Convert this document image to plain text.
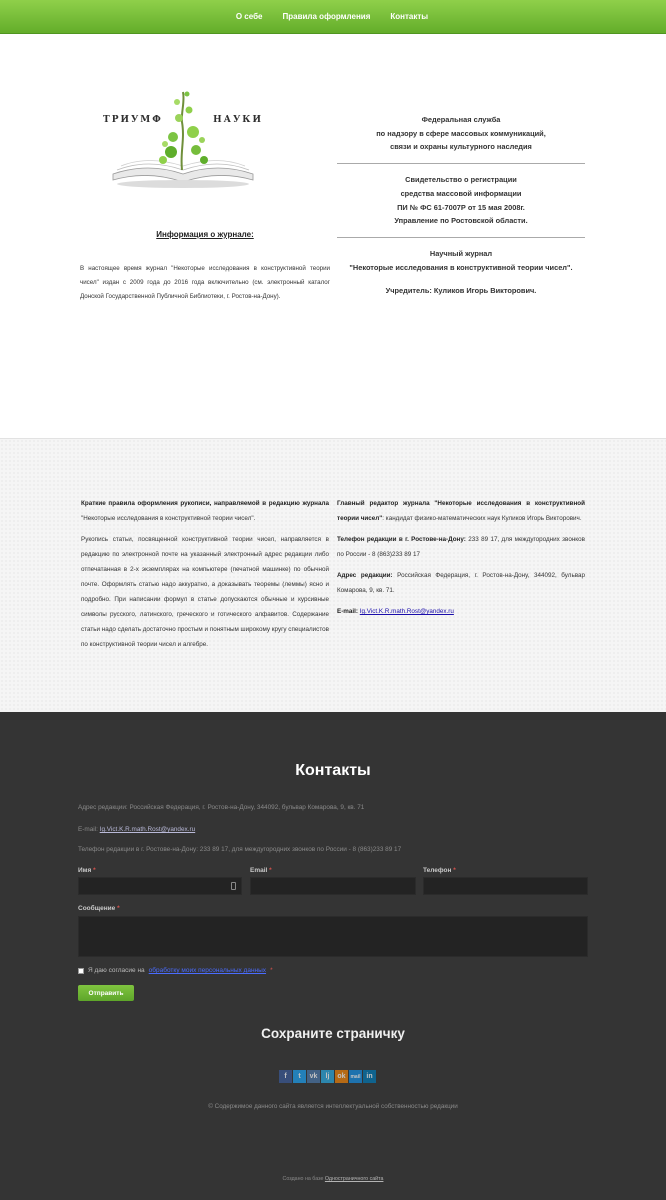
О себе	Правила оформления	Контакты
ТРИУМФ	НАУКИ
Информация о журнале:
В настоящее время журнал "Некоторые исследования в конструктивной теории чисел" издан с 2009 года до 2016 года включительно (см. электронный каталог Донской Государственной Публичной Библиотеки, г. Ростов-на-Дону).
Федеральная служба
по надзору в сфере массовых коммуникаций,
связи и охраны культурного наследия
Свидетельство о регистрации
средства массовой информации
ПИ № ФС 61-7007Р от 15 мая 2008г.
Управление по Ростовской области.
Научный журнал
"Некоторые исследования в конструктивной теории чисел".
Учредитель: Куликов Игорь Викторович.

Краткие правила оформления рукописи, направляемой в редакцию журнала "Некоторые исследования в конструктивной теории чисел".

Рукопись статьи, посвященной конструктивной теории чисел, направляется в редакцию по электронной почте на указанный электронный адрес редакции либо отпечатанная в 2-х экземплярах на компьютере (печатной машинке) по обычной почте. Оформлять статью надо аккуратно, а доказывать теоремы (леммы) ясно и подробно. При написании формул в статье допускаются обычные и курсивные символы русского, латинского, греческого и готического алфавитов. Содержание статьи надо сделать достаточно простым и понятным широкому кругу специалистов по конструктивной теории чисел и алгебре.

Главный редактор журнала "Некоторые исследования в конструктивной теории чисел": кандидат физико-математических наук Куликов Игорь Викторович.

Телефон редакции в г. Ростове-на-Дону: 233 89 17, для междугородних звонков по России - 8 (863)233 89 17

Адрес редакции: Российская Федерация, г. Ростов-на-Дону, 344092, бульвар Комарова, 9, кв. 71.

E-mail: Ig.Vict.K.R.math.Rost@yandex.ru

Контакты
Адрес редакции: Российская Федерация, г. Ростов-на-Дону, 344092, бульвар Комарова, 9, кв. 71
E-mail: Ig.Vict.K.R.math.Rost@yandex.ru
Телефон редакции в г. Ростове-на-Дону: 233 89 17, для междугородних звонков по России - 8 (863)233 89 17
Имя *	Email *	Телефон *
Сообщение *
Я даю согласие на обработку моих персональных данных *
Отправить
Сохраните страничку
f	t	vk	lj	ok mail in
© Содержимое данного сайта является интеллектуальной собственностью редакции
Создано на базе Одностраничного сайта
